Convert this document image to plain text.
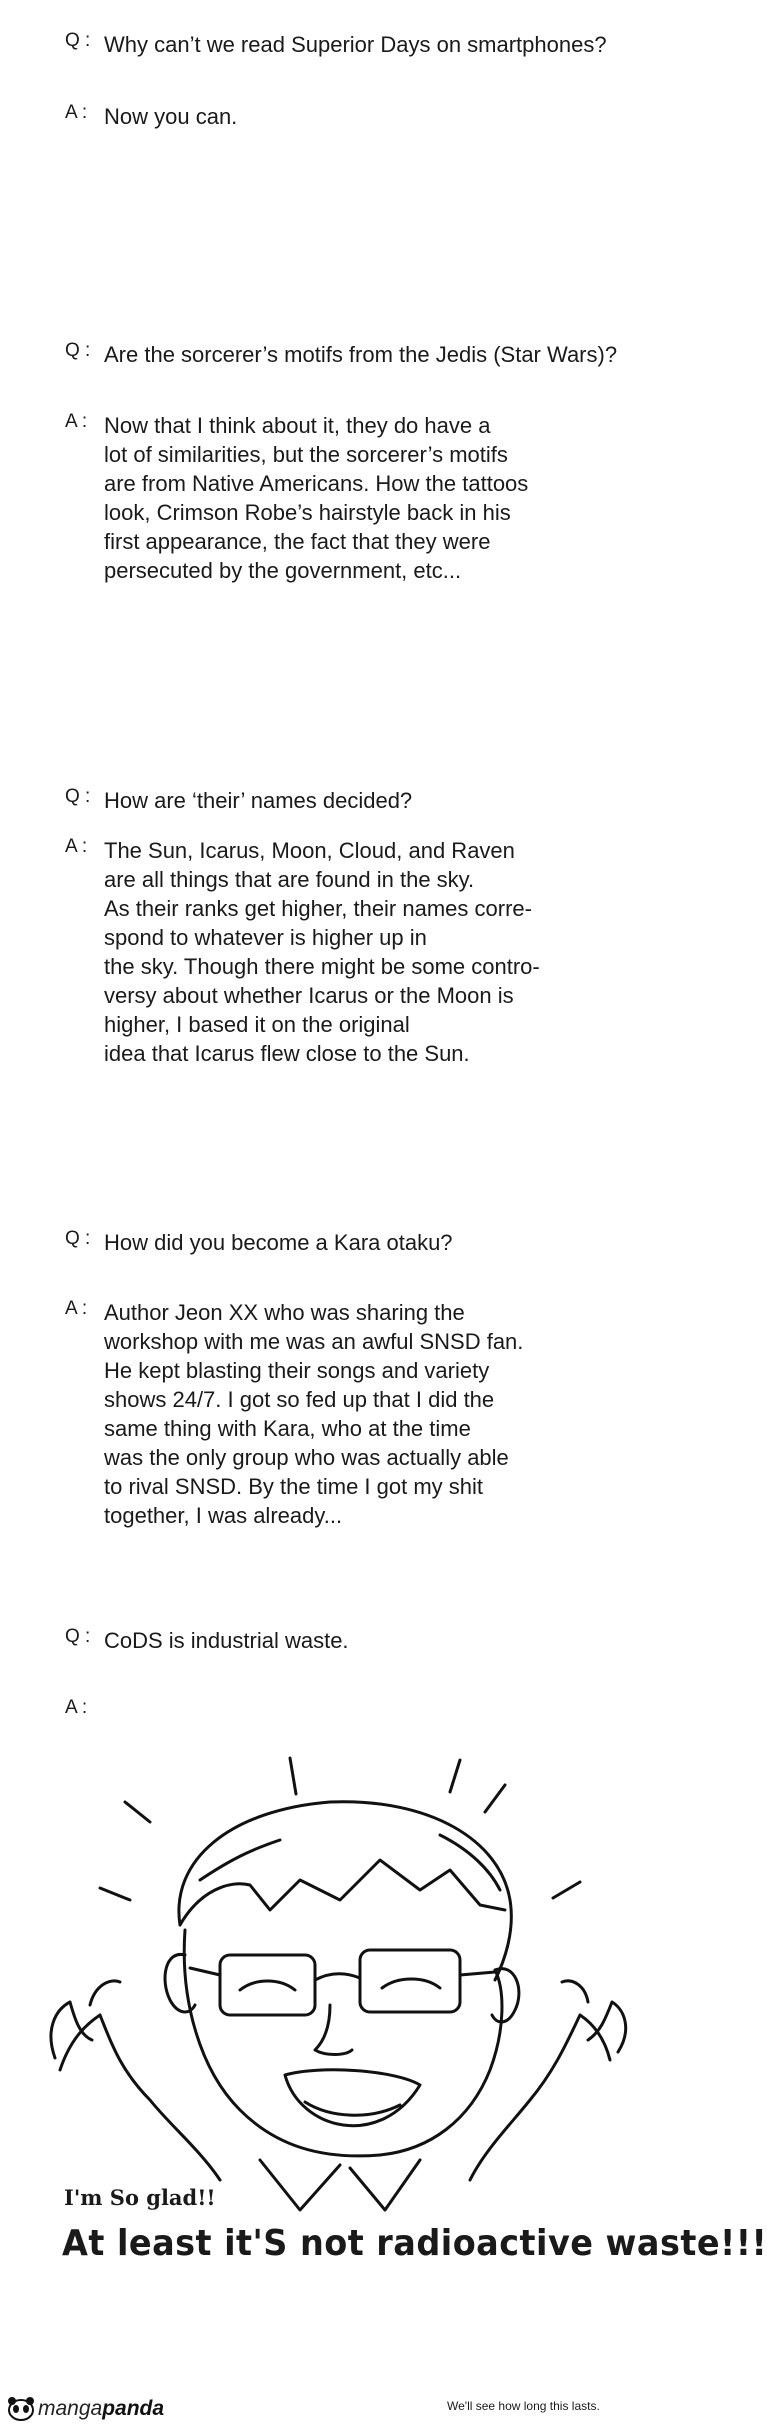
Q : Why can’t we read Superior Days on smartphones?
A : Now you can.
Q : Are the sorcerer’s motifs from the Jedis (Star Wars)?
A : Now that I think about it, they do have a
lot of similarities, but the sorcerer’s motifs
are from Native Americans. How the tattoos
look, Crimson Robe’s hairstyle back in his
first appearance, the fact that they were
persecuted by the government, etc...
Q : How are ‘their’ names decided?
A : The Sun, Icarus, Moon, Cloud, and Raven
are all things that are found in the sky.
As their ranks get higher, their names corre-
spond to whatever is higher up in
the sky. Though there might be some contro-
versy about whether Icarus or the Moon is
higher, I based it on the original
idea that Icarus flew close to the Sun.
Q : How did you become a Kara otaku?
A : Author Jeon XX who was sharing the
workshop with me was an awful SNSD fan.
He kept blasting their songs and variety
shows 24/7. I got so fed up that I did the
same thing with Kara, who at the time
was the only group who was actually able
to rival SNSD. By the time I got my shit
together, I was already...
Q : CoDS is industrial waste.
A :
I'm So glad!!
At least it'S not radioactive waste!!!
mangapanda	We'll see how long this lasts.
